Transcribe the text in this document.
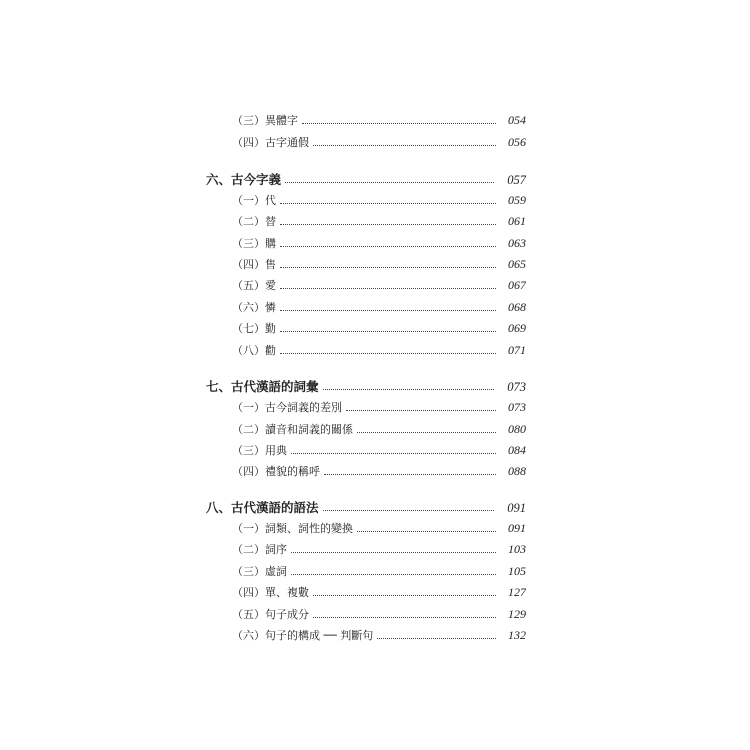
（三）異體字	054
（四）古字通假	056
六、古今字義	057
（一）代	059
（二）替	061
（三）購	063
（四）售	065
（五）愛	067
（六）憐	068
（七）勤	069
（八）勸	071
七、古代漢語的詞彙	073
（一）古今詞義的差別	073
（二）讀音和詞義的關係	080
（三）用典	084
（四）禮貌的稱呼	088
八、古代漢語的語法	091
（一）詞類、詞性的變換	091
（二）詞序	103
（三）虛詞	105
（四）單、複數	127
（五）句子成分	129
（六）句子的構成 ── 判斷句	132
